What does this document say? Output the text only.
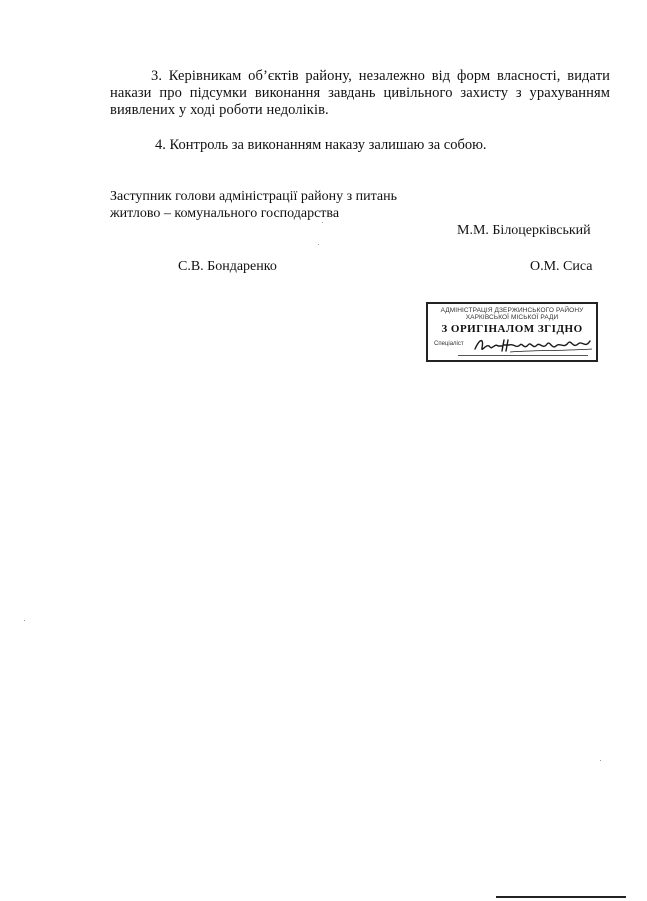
3. Керівникам об’єктів району, незалежно від форм власності, видати накази про підсумки виконання завдань цивільного захисту з урахуванням виявлених у ході роботи недоліків.

4. Контроль за виконанням наказу залишаю за собою.

Заступник голови адміністрації району з питань житлово – комунального господарства
М.М. Білоцерківський
С.В. Бондаренко	О.М. Сиса
АДМІНІСТРАЦІЯ ДЗЕРЖИНСЬКОГО РАЙОНУ
ХАРКІВСЬКОЇ МІСЬКОЇ РАДИ
З ОРИГІНАЛОМ ЗГІДНО
Спеціаліст
